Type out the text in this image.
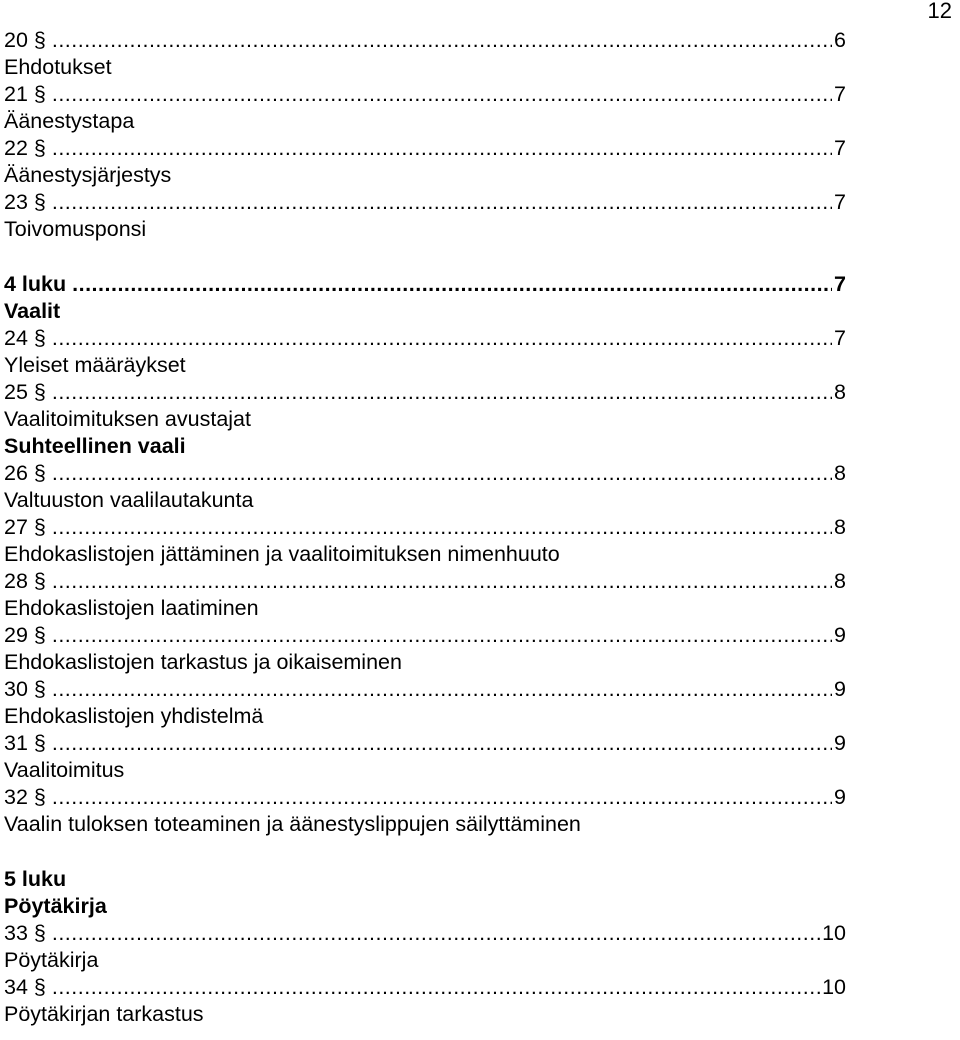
12
20 § .....	6
Ehdotukset
21 § .....	7
Äänestystapa
22 § .....	7
Äänestysjärjestys
23 § .....	7
Toivomusponsi
4 luku .....	7
Vaalit
24 § .....	7
Yleiset määräykset
25 § .....	8
Vaalitoimituksen avustajat
Suhteellinen vaali
26 § .....	8
Valtuuston vaalilautakunta
27 § .....	8
Ehdokaslistojen jättäminen ja vaalitoimituksen nimenhuuto
28 § .....	8
Ehdokaslistojen laatiminen
29 § .....	9
Ehdokaslistojen tarkastus ja oikaiseminen
30 § .....	9
Ehdokaslistojen yhdistelmä
31 § .....	9
Vaalitoimitus
32 § .....	9
Vaalin tuloksen toteaminen ja äänestyslippujen säilyttäminen
5 luku
Pöytäkirja
33 § .....	10
Pöytäkirja
34 § .....	10
Pöytäkirjan tarkastus
